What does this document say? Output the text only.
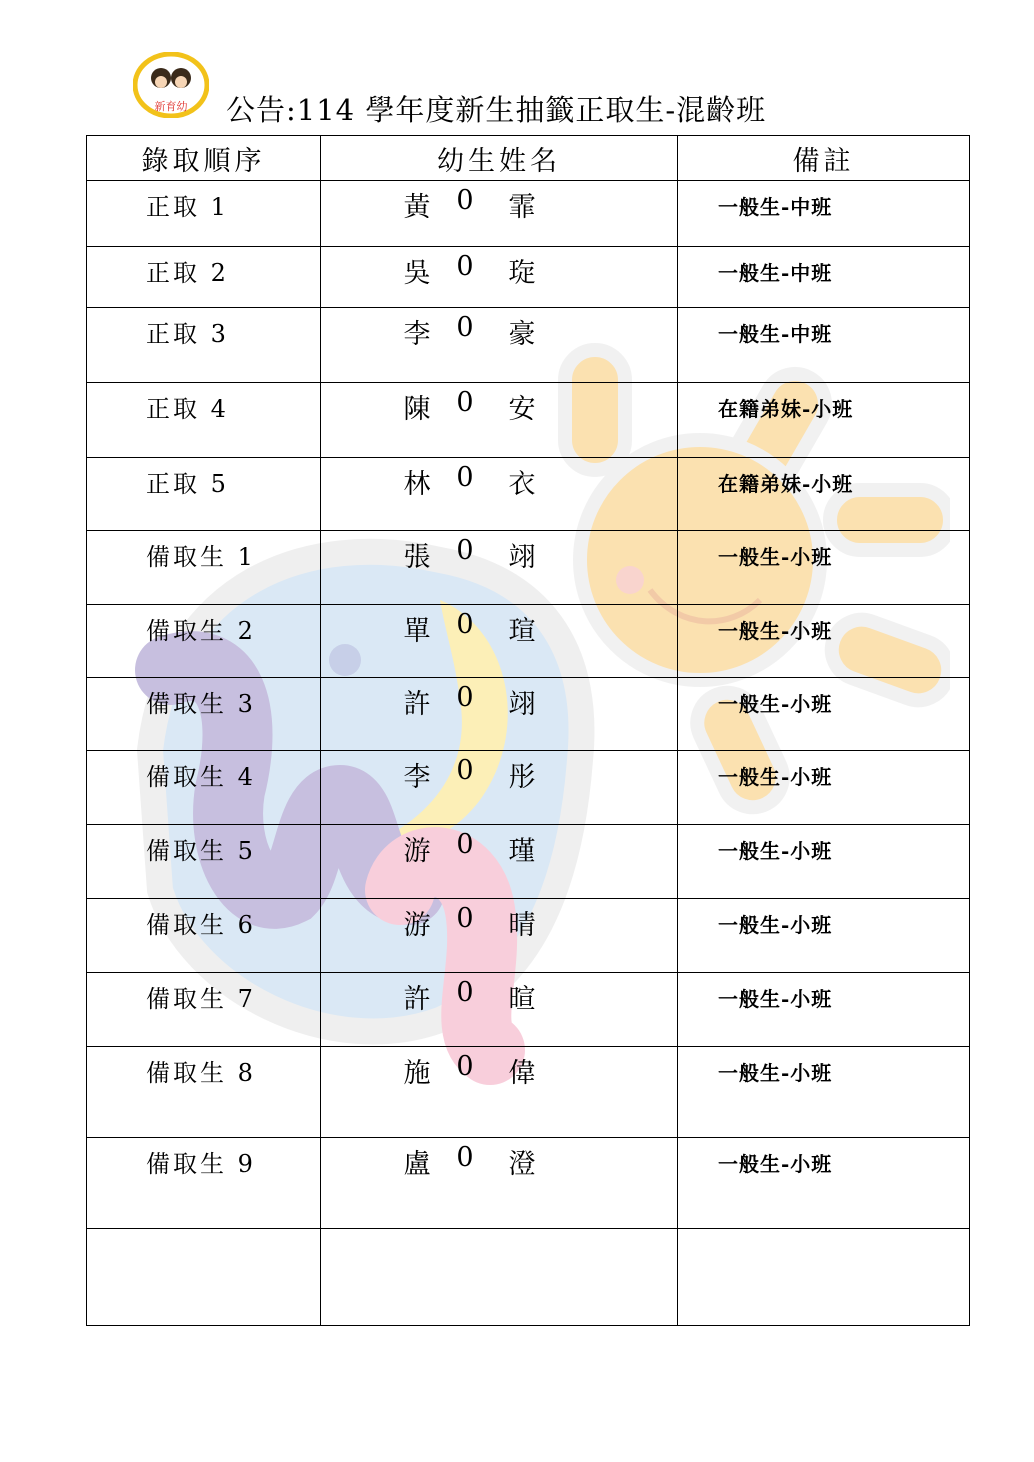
新育幼 公告:114 學年度新生抽籤正取生-混齡班
錄取順序	幼生姓名	備註
正取 1	黃 0 霏	一般生-中班
正取 2	吳 0 琁	一般生-中班
正取 3	李 0 豪	一般生-中班
正取 4	陳 0 安	在籍弟妹-小班
正取 5	林 0 衣	在籍弟妹-小班
備取生 1	張 0 翊	一般生-小班
備取生 2	單 0 瑄	一般生-小班
備取生 3	許 0 翊	一般生-小班
備取生 4	李 0 彤	一般生-小班
備取生 5	游 0 瑾	一般生-小班
備取生 6	游 0 晴	一般生-小班
備取生 7	許 0 暄	一般生-小班
備取生 8	施 0 偉	一般生-小班
備取生 9	盧 0 澄	一般生-小班
